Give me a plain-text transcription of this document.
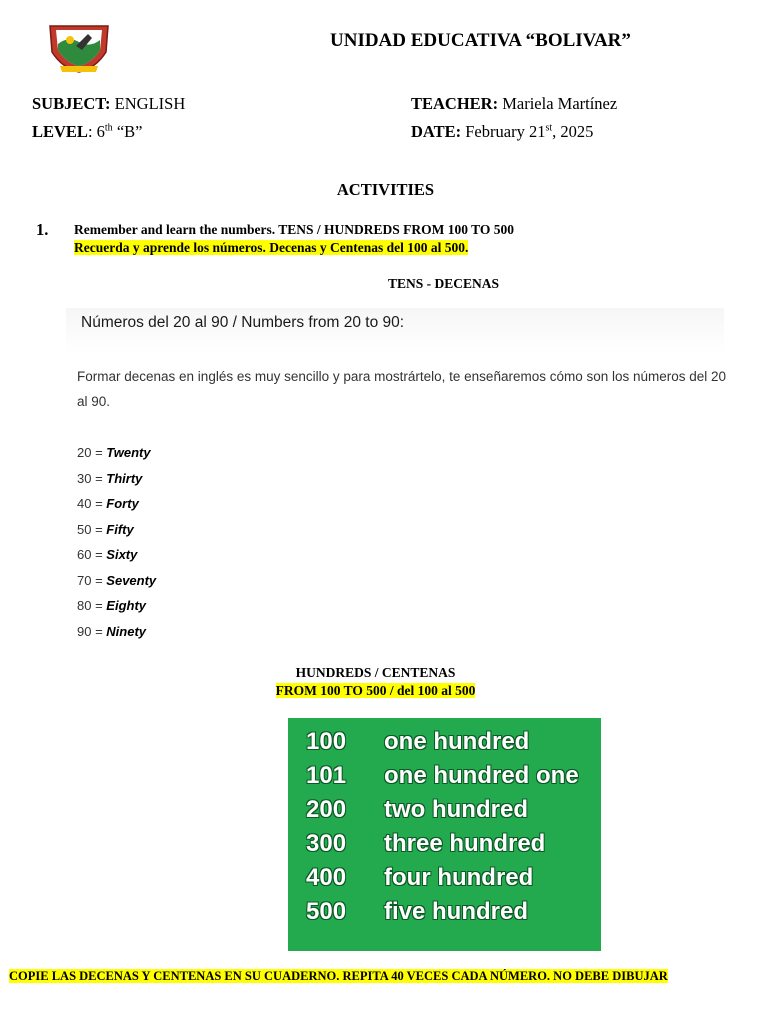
UNIDAD EDUCATIVA “BOLIVAR”
SUBJECT: ENGLISH
LEVEL: 6th “B”
TEACHER: Mariela Martínez
DATE: February 21st, 2025
ACTIVITIES
1. Remember and learn the numbers. TENS / HUNDREDS FROM 100 TO 500
Recuerda y aprende los números. Decenas y Centenas del 100 al 500.
TENS - DECENAS
Números del 20 al 90 / Numbers from 20 to 90:
Formar decenas en inglés es muy sencillo y para mostrártelo, te enseñaremos cómo son los números del 20 al 90.
20 = Twenty
30 = Thirty
40 = Forty
50 = Fifty
60 = Sixty
70 = Seventy
80 = Eighty
90 = Ninety
HUNDREDS / CENTENAS
FROM 100 TO 500 / del 100 al 500
100 one hundred
101 one hundred one
200 two hundred
300 three hundred
400 four hundred
500 five hundred
COPIE LAS DECENAS Y CENTENAS EN SU CUADERNO. REPITA 40 VECES CADA NÚMERO. NO DEBE DIBUJAR
